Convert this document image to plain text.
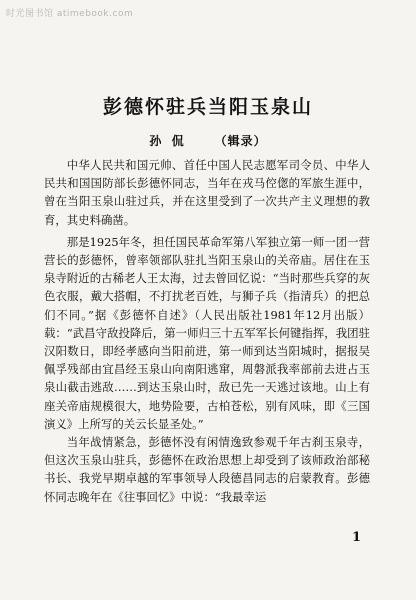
时光图书馆 atimebook.com
彭德怀驻兵当阳玉泉山
孙 侃 （辑录）

中华人民共和国元帅、首任中国人民志愿军司令员、中华人民共和国国防部长彭德怀同志，当年在戎马倥偬的军旅生涯中，曾在当阳玉泉山驻过兵，并在这里受到了一次共产主义理想的教育，其史料确凿。

那是1925年冬，担任国民革命军第八军独立第一师一团一营营长的彭德怀，曾率领部队驻扎当阳玉泉山的关帝庙。居住在玉泉寺附近的古稀老人王太海，过去曾回忆说：“当时那些兵穿的灰色衣服，戴大搭帽，不打扰老百姓，与狮子兵（指清兵）的把总们不同。”据《彭德怀自述》（人民出版社1981年12月出版）载：“武昌守敌投降后，第一师归三十五军军长何键指挥，我团驻汉阳数日，即经孝感向当阳前进，第一师到达当阳城时，据报吴佩孚残部由宜昌经玉泉山向南阳逃窜，周磐派我率部前去进占玉泉山截击逃敌……到达玉泉山时，敌已先一天逃过该地。山上有座关帝庙规模很大，地势险要，古柏苍松，别有风味，即《三国演义》上所写的关云长显圣处。”

当年战情紧急，彭德怀没有闲情逸致参观千年古刹玉泉寺，但这次玉泉山驻兵，彭德怀在政治思想上却受到了该师政治部秘书长、我党早期卓越的军事领导人段德昌同志的启蒙教育。彭德怀同志晚年在《往事回忆》中说：“我最幸运

1
